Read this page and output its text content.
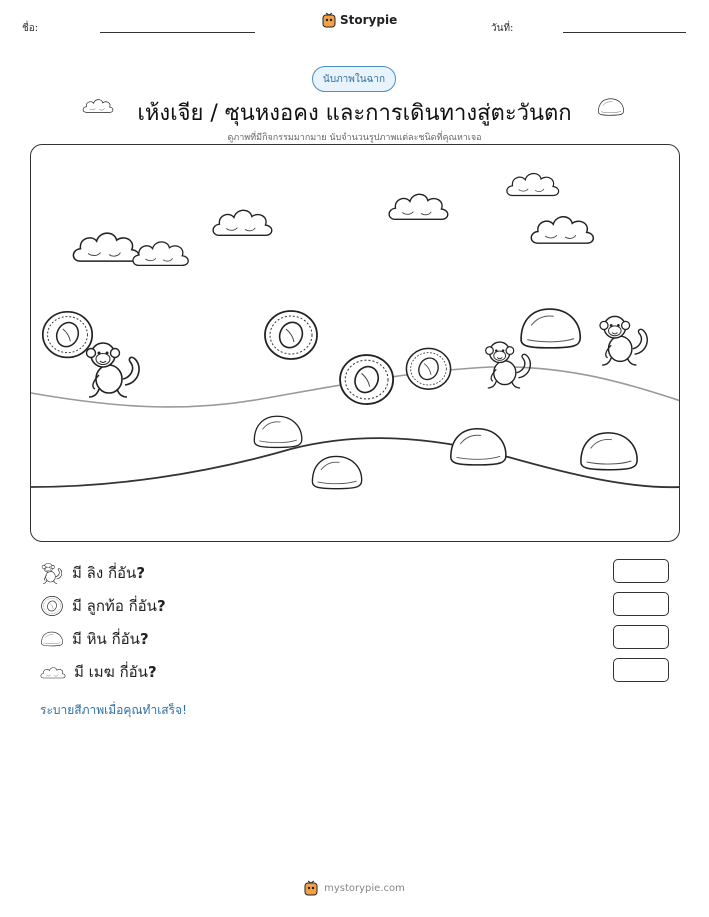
ชื่อ:
Storypie
วันที่:
นับภาพในฉาก
เห้งเจีย / ซุนหงอคง และการเดินทางสู่ตะวันตก
ดูภาพที่มีกิจกรรมมากมาย นับจำนวนรูปภาพแต่ละชนิดที่คุณหาเจอ
มี ลิง กี่อัน?
มี ลูกท้อ กี่อัน?
มี หิน กี่อัน?
มี เมฆ กี่อัน?
ระบายสีภาพเมื่อคุณทำเสร็จ!
mystorypie.com
